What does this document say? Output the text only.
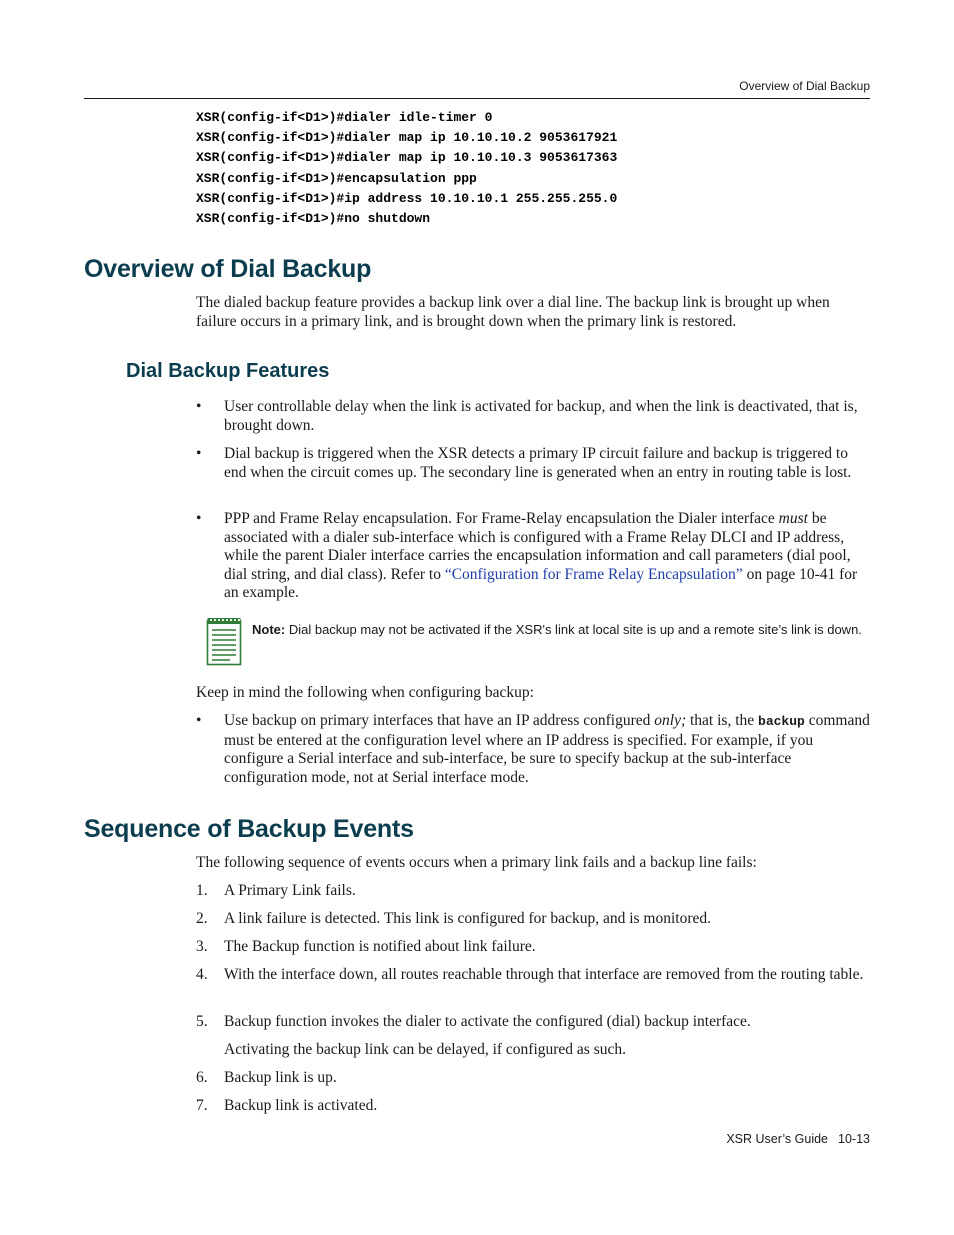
Overview of Dial Backup
XSR(config-if<D1>)#dialer idle-timer 0
XSR(config-if<D1>)#dialer map ip 10.10.10.2 9053617921
XSR(config-if<D1>)#dialer map ip 10.10.10.3 9053617363
XSR(config-if<D1>)#encapsulation ppp
XSR(config-if<D1>)#ip address 10.10.10.1 255.255.255.0
XSR(config-if<D1>)#no shutdown
Overview of Dial Backup

The dialed backup feature provides a backup link over a dial line. The backup link is brought up when failure occurs in a primary link, and is brought down when the primary link is restored.

Dial Backup Features
• User controllable delay when the link is activated for backup, and when the link is deactivated, that is, brought down.
• Dial backup is triggered when the XSR detects a primary IP circuit failure and backup is triggered to end when the circuit comes up. The secondary line is generated when an entry in routing table is lost.
• PPP and Frame Relay encapsulation. For Frame-Relay encapsulation the Dialer interface must be associated with a dialer sub-interface which is configured with a Frame Relay DLCI and IP address, while the parent Dialer interface carries the encapsulation information and call parameters (dial pool, dial string, and dial class). Refer to “Configuration for Frame Relay Encapsulation” on page 10-41 for an example.
Note: Dial backup may not be activated if the XSR's link at local site is up and a remote site’s link is down.

Keep in mind the following when configuring backup:

• Use backup on primary interfaces that have an IP address configured only; that is, the backup command must be entered at the configuration level where an IP address is specified. For example, if you configure a Serial interface and sub-interface, be sure to specify backup at the sub-interface configuration mode, not at Serial interface mode.
Sequence of Backup Events

The following sequence of events occurs when a primary link fails and a backup line fails:

1. A Primary Link fails.
2. A link failure is detected. This link is configured for backup, and is monitored.
3. The Backup function is notified about link failure.
4. With the interface down, all routes reachable through that interface are removed from the routing table.
5. Backup function invokes the dialer to activate the configured (dial) backup interface.
Activating the backup link can be delayed, if configured as such.
6. Backup link is up.
7. Backup link is activated.
XSR User’s Guide 10-13
